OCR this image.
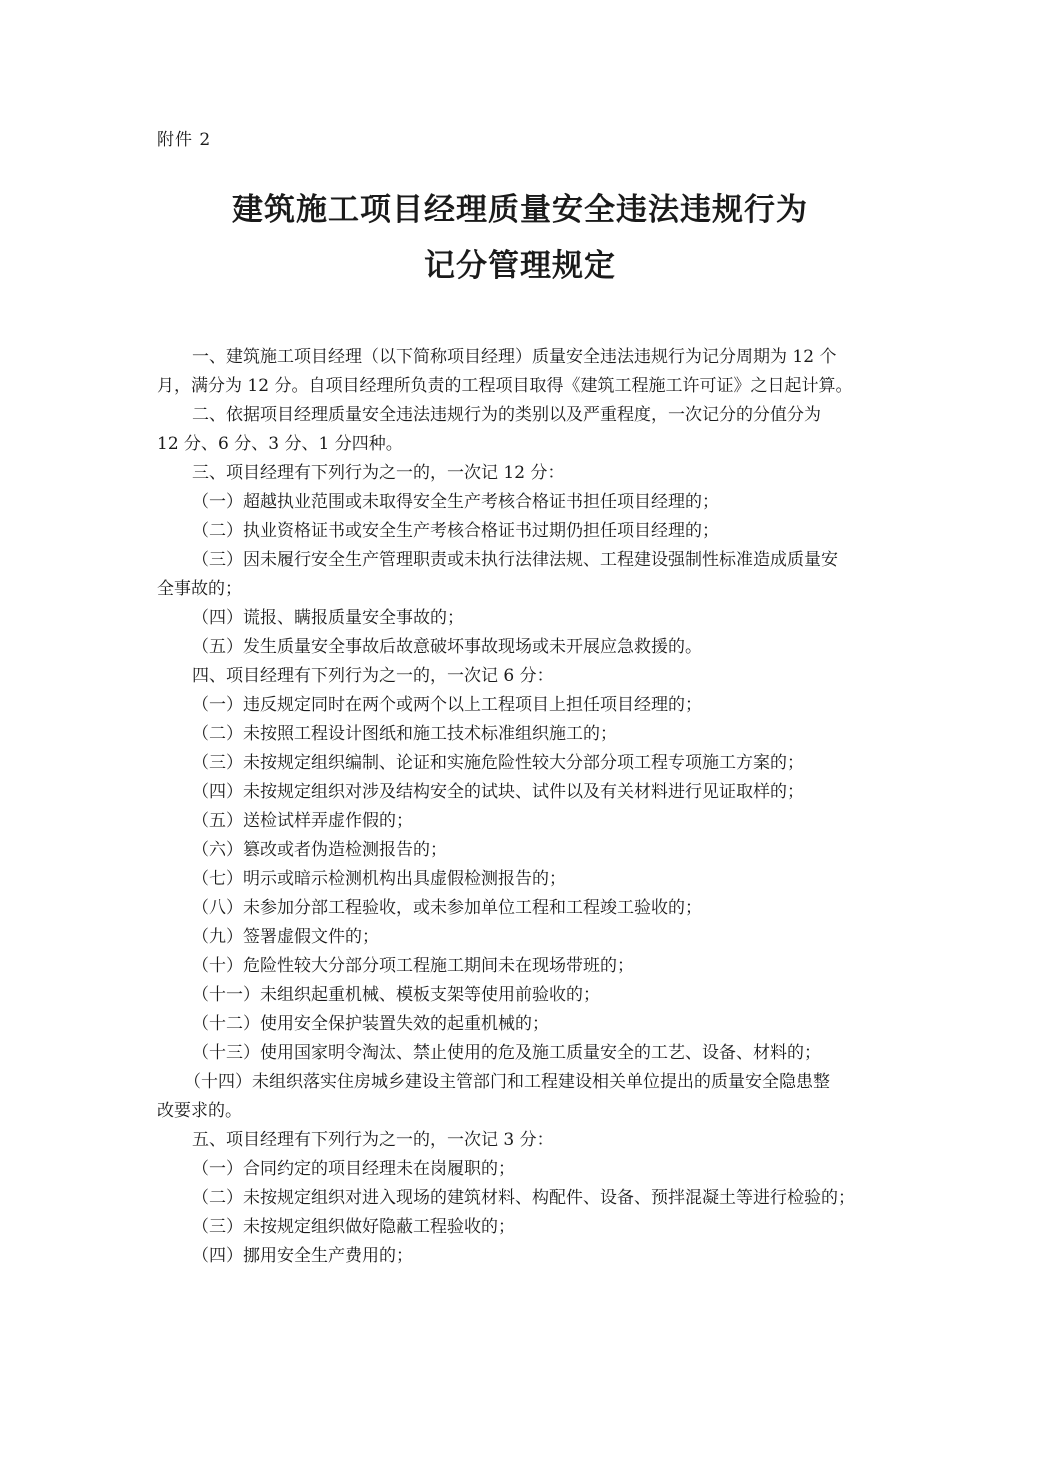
附件 2
建筑施工项目经理质量安全违法违规行为
记分管理规定
一、建筑施工项目经理（以下简称项目经理）质量安全违法违规行为记分周期为 12 个
月，满分为 12 分。自项目经理所负责的工程项目取得《建筑工程施工许可证》之日起计算。
二、依据项目经理质量安全违法违规行为的类别以及严重程度，一次记分的分值分为
12 分、6 分、3 分、1 分四种。
三、项目经理有下列行为之一的，一次记 12 分：
（一）超越执业范围或未取得安全生产考核合格证书担任项目经理的；
（二）执业资格证书或安全生产考核合格证书过期仍担任项目经理的；
（三）因未履行安全生产管理职责或未执行法律法规、工程建设强制性标准造成质量安
全事故的；
（四）谎报、瞒报质量安全事故的；
（五）发生质量安全事故后故意破坏事故现场或未开展应急救援的。
四、项目经理有下列行为之一的，一次记 6 分：
（一）违反规定同时在两个或两个以上工程项目上担任项目经理的；
（二）未按照工程设计图纸和施工技术标准组织施工的；
（三）未按规定组织编制、论证和实施危险性较大分部分项工程专项施工方案的；
（四）未按规定组织对涉及结构安全的试块、试件以及有关材料进行见证取样的；
（五）送检试样弄虚作假的；
（六）篡改或者伪造检测报告的；
（七）明示或暗示检测机构出具虚假检测报告的；
（八）未参加分部工程验收，或未参加单位工程和工程竣工验收的；
（九）签署虚假文件的；
（十）危险性较大分部分项工程施工期间未在现场带班的；
（十一）未组织起重机械、模板支架等使用前验收的；
（十二）使用安全保护装置失效的起重机械的；
（十三）使用国家明令淘汰、禁止使用的危及施工质量安全的工艺、设备、材料的；
（十四）未组织落实住房城乡建设主管部门和工程建设相关单位提出的质量安全隐患整
改要求的。
五、项目经理有下列行为之一的，一次记 3 分：
（一）合同约定的项目经理未在岗履职的；
（二）未按规定组织对进入现场的建筑材料、构配件、设备、预拌混凝土等进行检验的；
（三）未按规定组织做好隐蔽工程验收的；
（四）挪用安全生产费用的；
